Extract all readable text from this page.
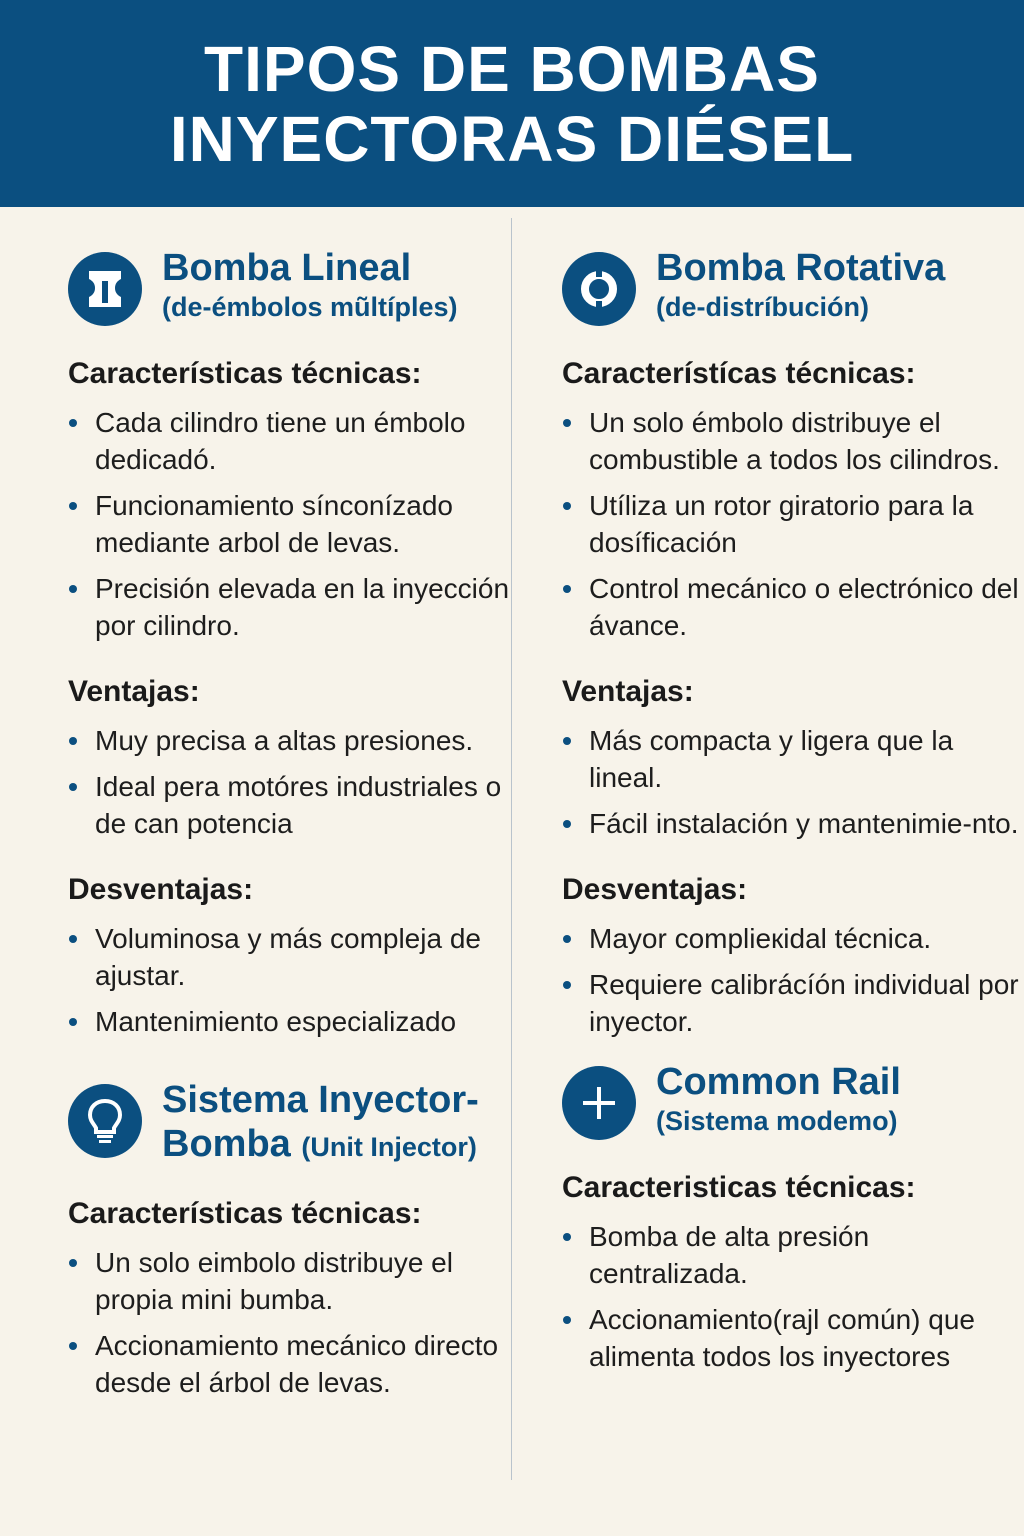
TIPOS DE BOMBAS
INYECTORAS DIÉSEL
Bomba Lineal
(de-émbolos mũltíples)
Características técnicas:
Cada cilindro tiene un émbolo dedicadó.
Funcionamiento sínconízado mediante arbol de levas.
Precisión elevada en la inyección por cilindro.
Ventajas:
Muy precisa a altas presiones.
Ideal pera motóres industriales o de can potencia
Desventajas:
Voluminosa y más compleja de ajustar.
Mantenimiento especializado
Sistema Inyector-
Bomba (Unit Injector)
Características técnicas:
Un solo eimbolo distribuye el propia mini bumba.
Accionamiento mecánico directo desde el árbol de levas.
Bomba Rotativa
(de-distríbución)
Característícas técnicas:
Un solo émbolo distribuye el combustible a todos los cilindros.
Utíliza un rotor giratorio para la dosíficación
Control mecánico o electrónico del ávance.
Ventajas:
Más compacta y ligera que la lineal.
Fácil instalación y mantenimie-nto.
Desventajas:
Mayor complieкidal técnica.
Requiere calibrácíón individual por inyector.
Common Rail
(Sistema modemo)
Caracteristicas técnicas:
Bomba de alta presión centralizada.
Accionamiento(rajl común) que alimenta todos los inyectores
